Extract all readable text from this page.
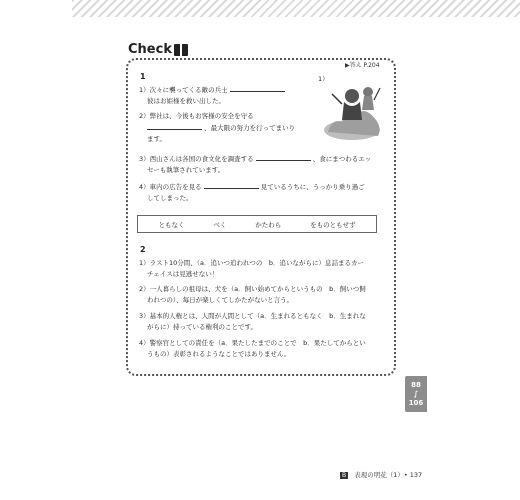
Check
▶答え P.204
1	1）
1）次々に襲ってくる敵の兵士
彼はお姫様を救い出した。
2）弊社は、今後もお客様の安全を守る
、最大限の努力を行ってまいり
ます。
3）西山さんは各国の食文化を調査する	、食にまつわるエッ
セーも執筆されています。
4）車内の広告を見る	見ているうちに、うっかり乗り過ご
してしまった。
ともなく	べく	かたわら	をものともせず
2
1）ラスト10分間、（a．追いつ追われつの　b．追いながらに）息詰まるカー
チェイスは見逃せない！
2）一人暮らしの祖母は、犬を（a．飼い始めてからというもの　b．飼いつ飼
われつの）、毎日が楽しくてしかたがないと言う。
3）基本的人権とは、人間が人間として（a．生まれるともなく　b．生まれな
がらに）持っている権利のことです。
4）警察官としての責任を（a．果たしたまでのことで　b．果たしてからとい
うもの）表彰されるようなことではありません。
88
∫
106
B 表現の明花（1）• 137
